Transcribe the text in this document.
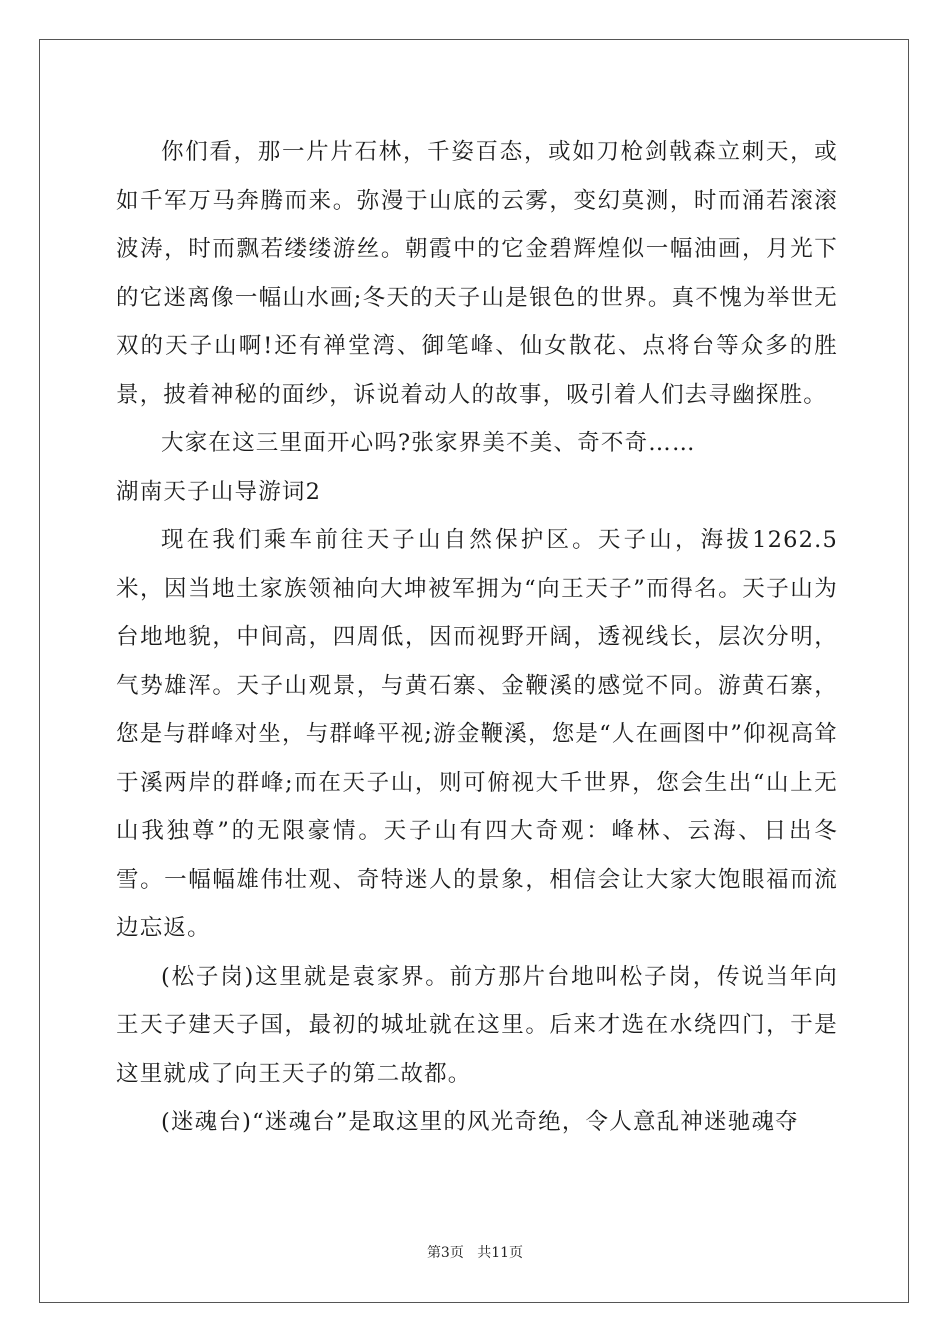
你们看，那一片片石林，千姿百态，或如刀枪剑戟森立刺天，或如千军万马奔腾而来。弥漫于山底的云雾，变幻莫测，时而涌若滚滚波涛，时而飘若缕缕游丝。朝霞中的它金碧辉煌似一幅油画，月光下的它迷离像一幅山水画;冬天的天子山是银色的世界。真不愧为举世无双的天子山啊!还有禅堂湾、御笔峰、仙女散花、点将台等众多的胜景，披着神秘的面纱，诉说着动人的故事，吸引着人们去寻幽探胜。

大家在这三里面开心吗?张家界美不美、奇不奇……

湖南天子山导游词2

现在我们乘车前往天子山自然保护区。天子山，海拔1262.5米，因当地土家族领袖向大坤被军拥为“向王天子”而得名。天子山为台地地貌，中间高，四周低，因而视野开阔，透视线长，层次分明，气势雄浑。天子山观景，与黄石寨、金鞭溪的感觉不同。游黄石寨，您是与群峰对坐，与群峰平视;游金鞭溪，您是“人在画图中”仰视高耸于溪两岸的群峰;而在天子山，则可俯视大千世界，您会生出“山上无山我独尊”的无限豪情。天子山有四大奇观：峰林、云海、日出冬雪。一幅幅雄伟壮观、奇特迷人的景象，相信会让大家大饱眼福而流边忘返。

(松子岗)这里就是袁家界。前方那片台地叫松子岗，传说当年向王天子建天子国，最初的城址就在这里。后来才选在水绕四门，于是这里就成了向王天子的第二故都。

(迷魂台)“迷魂台”是取这里的风光奇绝，令人意乱神迷驰魂夺

第3页 共11页
